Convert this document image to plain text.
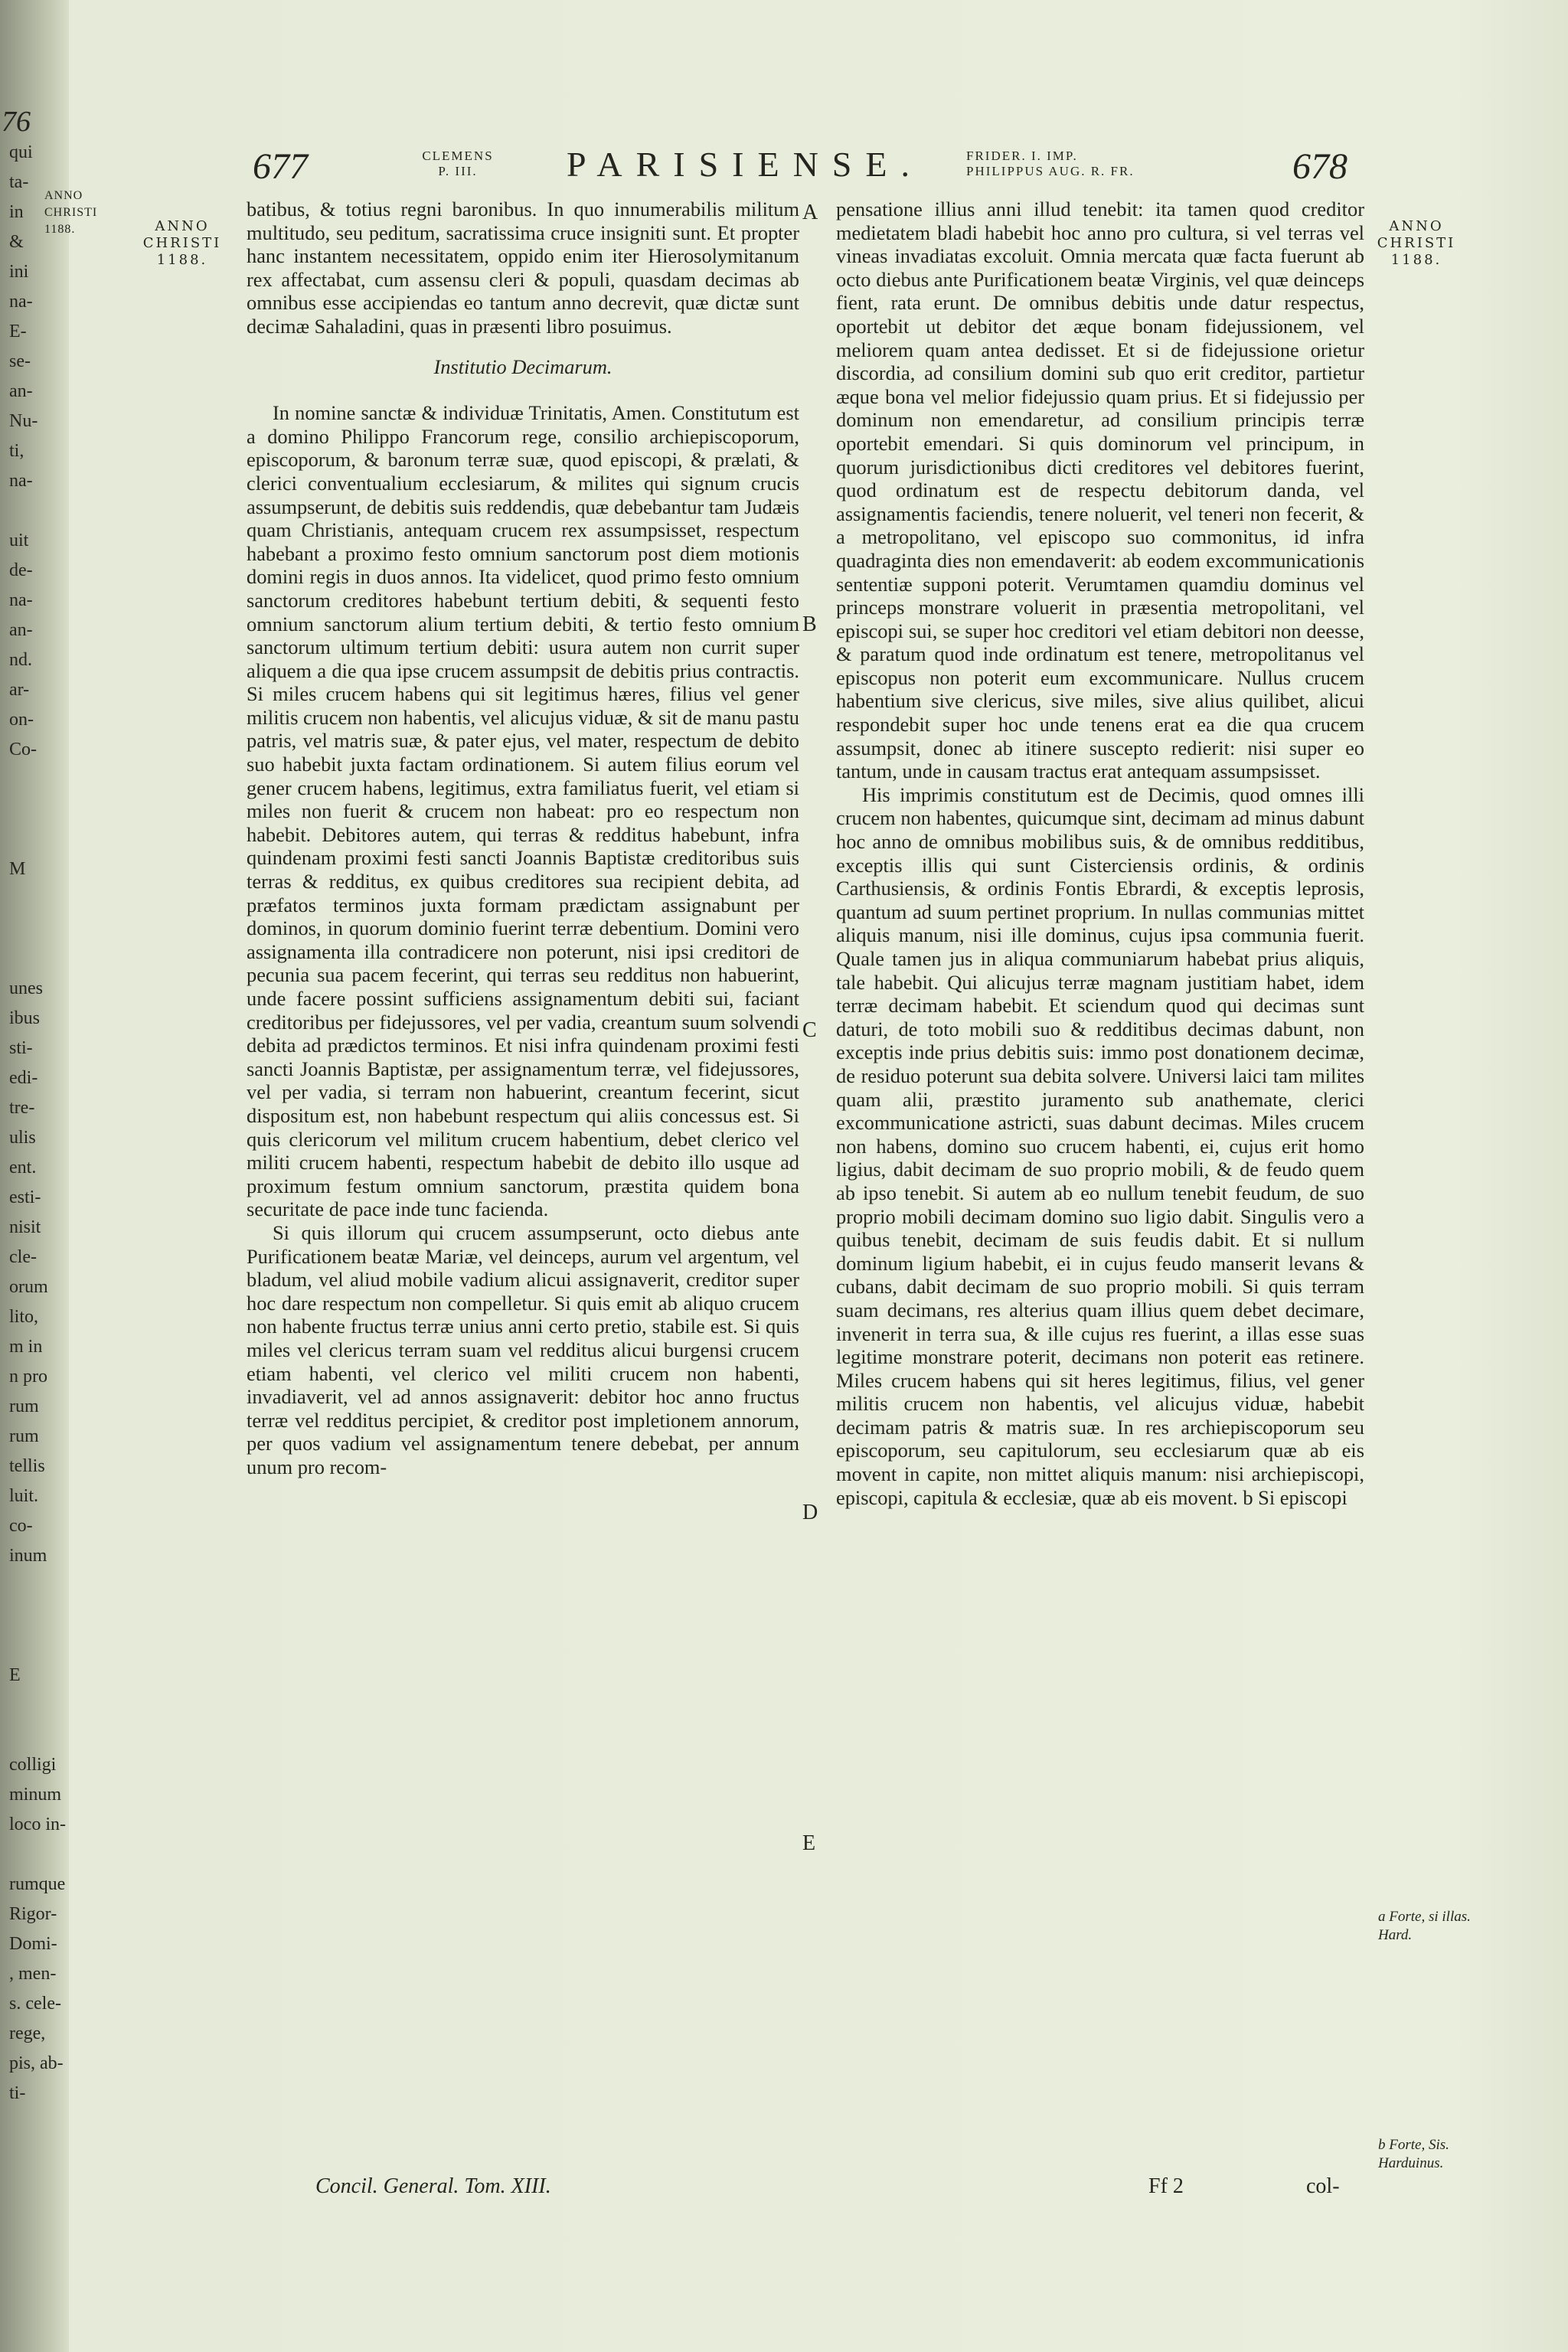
76
qui
ta-
in
&
ini
na-
E-
se-
an-
Nu-
ti,
na-

uit
de-
na-
an-
nd.
ar-
on-
Co-

M

unes
ibus
sti-
edi-
tre-
ulis
ent.
esti-
nisit
cle-
orum
lito,
m in
n pro
rum
rum
tellis
luit.
co-
inum

E

colligi
minum
loco in-

rumque
Rigor-
Domi-
, men-
s. cele-
rege,
pis, ab-
ti-
ANNO
CHRISTI
1188.
677	CLEMENS
P. III.	PARISIENSE.	FRIDER. I. IMP.
PHILIPPUS AUG. R. FR.	678
ANNO
CHRISTI
1188.
ANNO
CHRISTI
1188.

batibus, & totius regni baronibus. In quo innumerabilis militum multitudo, seu peditum, sacratissima cruce insigniti sunt. Et propter hanc instantem necessitatem, oppido enim iter Hierosolymitanum rex affectabat, cum assensu cleri & populi, quasdam decimas ab omnibus esse accipiendas eo tantum anno decrevit, quæ dictæ sunt decimæ Sahaladini, quas in præsenti libro posuimus.

Institutio Decimarum.

In nomine sanctæ & individuæ Trinitatis, Amen. Constitutum est a domino Philippo Francorum rege, consilio archiepiscoporum, episcoporum, & baronum terræ suæ, quod episcopi, & prælati, & clerici conventualium ecclesiarum, & milites qui signum crucis assumpserunt, de debitis suis reddendis, quæ debebantur tam Judæis quam Christianis, antequam crucem rex assumpsisset, respectum habebant a proximo festo omnium sanctorum post diem motionis domini regis in duos annos. Ita videlicet, quod primo festo omnium sanctorum creditores habebunt tertium debiti, & sequenti festo omnium sanctorum alium tertium debiti, & tertio festo omnium sanctorum ultimum tertium debiti: usura autem non currit super aliquem a die qua ipse crucem assumpsit de debitis prius contractis. Si miles crucem habens qui sit legitimus hæres, filius vel gener militis crucem non habentis, vel alicujus viduæ, & sit de manu pastu patris, vel matris suæ, & pater ejus, vel mater, respectum de debito suo habebit juxta factam ordinationem. Si autem filius eorum vel gener crucem habens, legitimus, extra familiatus fuerit, vel etiam si miles non fuerit & crucem non habeat: pro eo respectum non habebit. Debitores autem, qui terras & redditus habebunt, infra quindenam proximi festi sancti Joannis Baptistæ creditoribus suis terras & redditus, ex quibus creditores sua recipient debita, ad præfatos terminos juxta formam prædictam assignabunt per dominos, in quorum dominio fuerint terræ debentium. Domini vero assignamenta illa contradicere non poterunt, nisi ipsi creditori de pecunia sua pacem fecerint, qui terras seu redditus non habuerint, unde facere possint sufficiens assignamentum debiti sui, faciant creditoribus per fidejussores, vel per vadia, creantum suum solvendi debita ad prædictos terminos. Et nisi infra quindenam proximi festi sancti Joannis Baptistæ, per assignamentum terræ, vel fidejussores, vel per vadia, si terram non habuerint, creantum fecerint, sicut dispositum est, non habebunt respectum qui aliis concessus est. Si quis clericorum vel militum crucem habentium, debet clerico vel militi crucem habenti, respectum habebit de debito illo usque ad proximum festum omnium sanctorum, præstita quidem bona securitate de pace inde tunc facienda.

Si quis illorum qui crucem assumpserunt, octo diebus ante Purificationem beatæ Mariæ, vel deinceps, aurum vel argentum, vel bladum, vel aliud mobile vadium alicui assignaverit, creditor super hoc dare respectum non compelletur. Si quis emit ab aliquo crucem non habente fructus terræ unius anni certo pretio, stabile est. Si quis miles vel clericus terram suam vel redditus alicui burgensi crucem etiam habenti, vel clerico vel militi crucem non habenti, invadiaverit, vel ad annos assignaverit: debitor hoc anno fructus terræ vel redditus percipiet, & creditor post impletionem annorum, per quos vadium vel assignamentum tenere debebat, per annum unum pro recom-

A
B
C
D
E

pensatione illius anni illud tenebit: ita tamen quod creditor medietatem bladi habebit hoc anno pro cultura, si vel terras vel vineas invadiatas excoluit. Omnia mercata quæ facta fuerunt ab octo diebus ante Purificationem beatæ Virginis, vel quæ deinceps fient, rata erunt. De omnibus debitis unde datur respectus, oportebit ut debitor det æque bonam fidejussionem, vel meliorem quam antea dedisset. Et si de fidejussione orietur discordia, ad consilium domini sub quo erit creditor, partietur æque bona vel melior fidejussio quam prius. Et si fidejussio per dominum non emendaretur, ad consilium principis terræ oportebit emendari. Si quis dominorum vel principum, in quorum jurisdictionibus dicti creditores vel debitores fuerint, quod ordinatum est de respectu debitorum danda, vel assignamentis faciendis, tenere noluerit, vel teneri non fecerit, & a metropolitano, vel episcopo suo commonitus, id infra quadraginta dies non emendaverit: ab eodem excommunicationis sententiæ supponi poterit. Verumtamen quamdiu dominus vel princeps monstrare voluerit in præsentia metropolitani, vel episcopi sui, se super hoc creditori vel etiam debitori non deesse, & paratum quod inde ordinatum est tenere, metropolitanus vel episcopus non poterit eum excommunicare. Nullus crucem habentium sive clericus, sive miles, sive alius quilibet, alicui respondebit super hoc unde tenens erat ea die qua crucem assumpsit, donec ab itinere suscepto redierit: nisi super eo tantum, unde in causam tractus erat antequam assumpsisset.

His imprimis constitutum est de Decimis, quod omnes illi crucem non habentes, quicumque sint, decimam ad minus dabunt hoc anno de omnibus mobilibus suis, & de omnibus redditibus, exceptis illis qui sunt Cisterciensis ordinis, & ordinis Carthusiensis, & ordinis Fontis Ebrardi, & exceptis leprosis, quantum ad suum pertinet proprium. In nullas communias mittet aliquis manum, nisi ille dominus, cujus ipsa communia fuerit. Quale tamen jus in aliqua communiarum habebat prius aliquis, tale habebit. Qui alicujus terræ magnam justitiam habet, idem terræ decimam habebit. Et sciendum quod qui decimas sunt daturi, de toto mobili suo & redditibus decimas dabunt, non exceptis inde prius debitis suis: immo post donationem decimæ, de residuo poterunt sua debita solvere. Universi laici tam milites quam alii, præstito juramento sub anathemate, clerici excommunicatione astricti, suas dabunt decimas. Miles crucem non habens, domino suo crucem habenti, ei, cujus erit homo ligius, dabit decimam de suo proprio mobili, & de feudo quem ab ipso tenebit. Si autem ab eo nullum tenebit feudum, de suo proprio mobili decimam domino suo ligio dabit. Singulis vero a quibus tenebit, decimam de suis feudis dabit. Et si nullum dominum ligium habebit, ei in cujus feudo manserit levans & cubans, dabit decimam de suo proprio mobili. Si quis terram suam decimans, res alterius quam illius quem debet decimare, invenerit in terra sua, & ille cujus res fuerint, a illas esse suas legitime monstrare poterit, decimans non poterit eas retinere. Miles crucem habens qui sit heres legitimus, filius, vel gener militis crucem non habentis, vel alicujus viduæ, habebit decimam patris & matris suæ. In res archiepiscoporum seu episcoporum, seu capitulorum, seu ecclesiarum quæ ab eis movent in capite, non mittet aliquis manum: nisi archiepiscopi, episcopi, capitula & ecclesiæ, quæ ab eis movent. b Si episcopi

a Forte, si illas. Hard.
b Forte, Sis. Harduinus.
Concil. General. Tom. XIII.	Ff 2	col-
